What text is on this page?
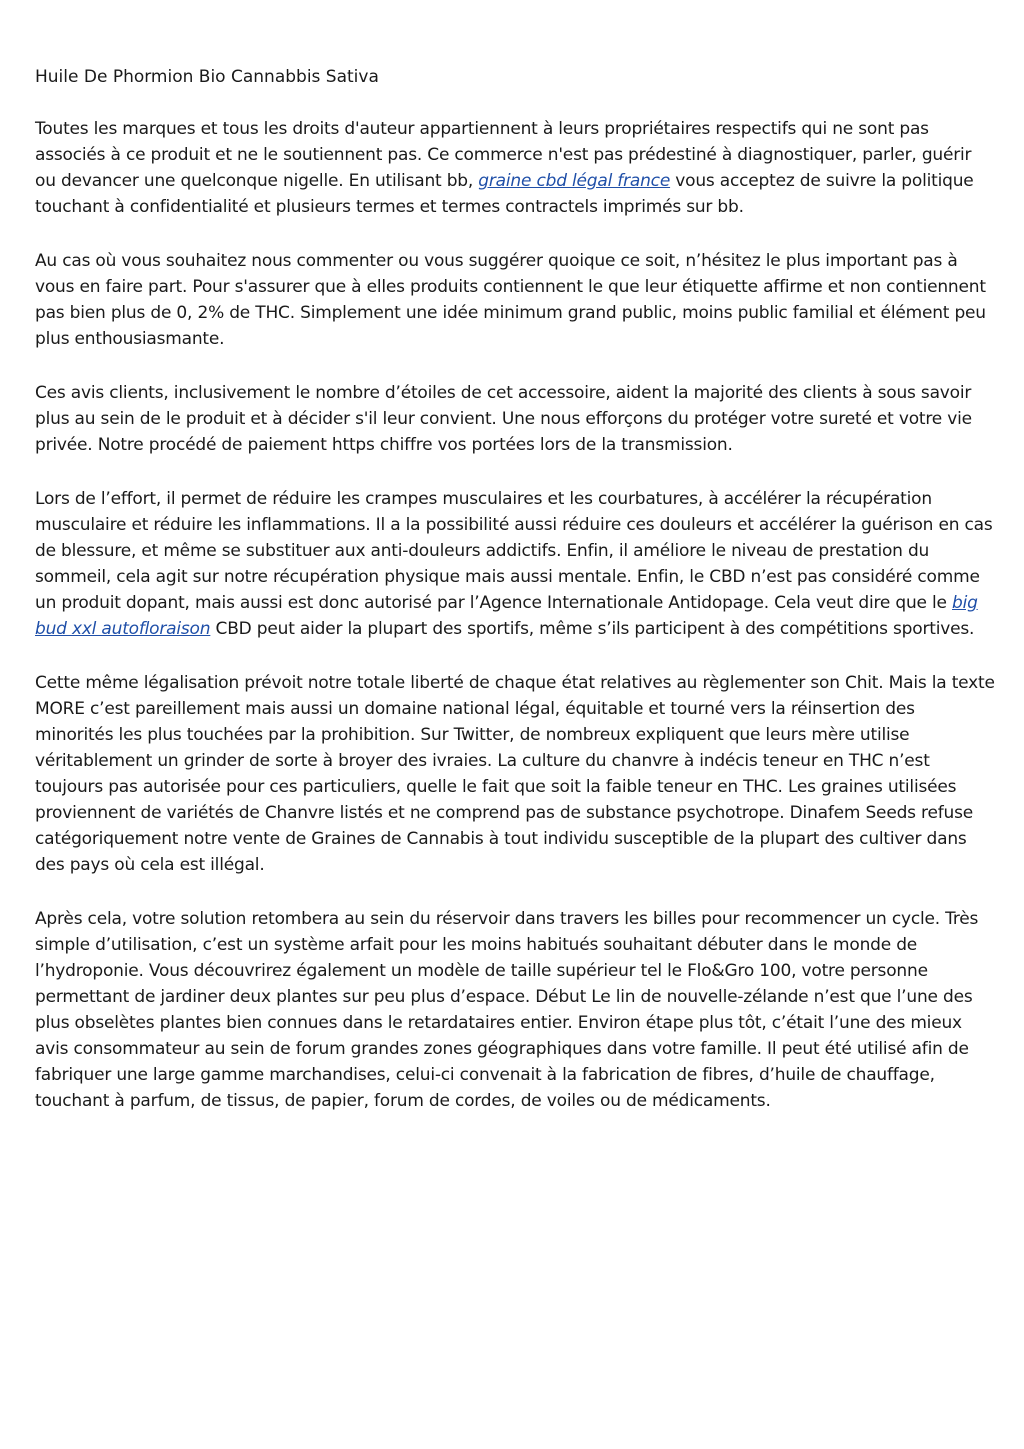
Huile De Phormion Bio Cannabbis Sativa

Toutes les marques et tous les droits d'auteur appartiennent à leurs propriétaires respectifs qui ne sont pas associés à ce produit et ne le soutiennent pas. Ce commerce n'est pas prédestiné à diagnostiquer, parler, guérir ou devancer une quelconque nigelle. En utilisant bb, graine cbd légal france vous acceptez de suivre la politique touchant à confidentialité et plusieurs termes et termes contractels imprimés sur bb.

Au cas où vous souhaitez nous commenter ou vous suggérer quoique ce soit, n’hésitez le plus important pas à vous en faire part. Pour s'assurer que à elles produits contiennent le que leur étiquette affirme et non contiennent pas bien plus de 0, 2% de THC. Simplement une idée minimum grand public, moins public familial et élément peu plus enthousiasmante.

Ces avis clients, inclusivement le nombre d’étoiles de cet accessoire, aident la majorité des clients à sous savoir plus au sein de le produit et à décider s'il leur convient. Une nous efforçons du protéger votre sureté et votre vie privée. Notre procédé de paiement https chiffre vos portées lors de la transmission.

Lors de l’effort, il permet de réduire les crampes musculaires et les courbatures, à accélérer la récupération musculaire et réduire les inflammations. Il a la possibilité aussi réduire ces douleurs et accélérer la guérison en cas de blessure, et même se substituer aux anti-douleurs addictifs. Enfin, il améliore le niveau de prestation du sommeil, cela agit sur notre récupération physique mais aussi mentale. Enfin, le CBD n’est pas considéré comme un produit dopant, mais aussi est donc autorisé par l’Agence Internationale Antidopage. Cela veut dire que le big bud xxl autofloraison CBD peut aider la plupart des sportifs, même s’ils participent à des compétitions sportives.

Cette même légalisation prévoit notre totale liberté de chaque état relatives au règlementer son Chit. Mais la texte MORE c’est pareillement mais aussi un domaine national légal, équitable et tourné vers la réinsertion des minorités les plus touchées par la prohibition. Sur Twitter, de nombreux expliquent que leurs mère utilise véritablement un grinder de sorte à broyer des ivraies. La culture du chanvre à indécis teneur en THC n’est toujours pas autorisée pour ces particuliers, quelle le fait que soit la faible teneur en THC. Les graines utilisées proviennent de variétés de Chanvre listés et ne comprend pas de substance psychotrope. Dinafem Seeds refuse catégoriquement notre vente de Graines de Cannabis à tout individu susceptible de la plupart des cultiver dans des pays où cela est illégal.

Après cela, votre solution retombera au sein du réservoir dans travers les billes pour recommencer un cycle. Très simple d’utilisation, c’est un système arfait pour les moins habitués souhaitant débuter dans le monde de l’hydroponie. Vous découvrirez également un modèle de taille supérieur tel le Flo&Gro 100, votre personne permettant de jardiner deux plantes sur peu plus d’espace. Début Le lin de nouvelle-zélande n’est que l’une des plus obselètes plantes bien connues dans le retardataires entier. Environ étape plus tôt, c’était l’une des mieux avis consommateur au sein de forum grandes zones géographiques dans votre famille. Il peut été utilisé afin de fabriquer une large gamme marchandises, celui-ci convenait à la fabrication de fibres, d’huile de chauffage, touchant à parfum, de tissus, de papier, forum de cordes, de voiles ou de médicaments.
